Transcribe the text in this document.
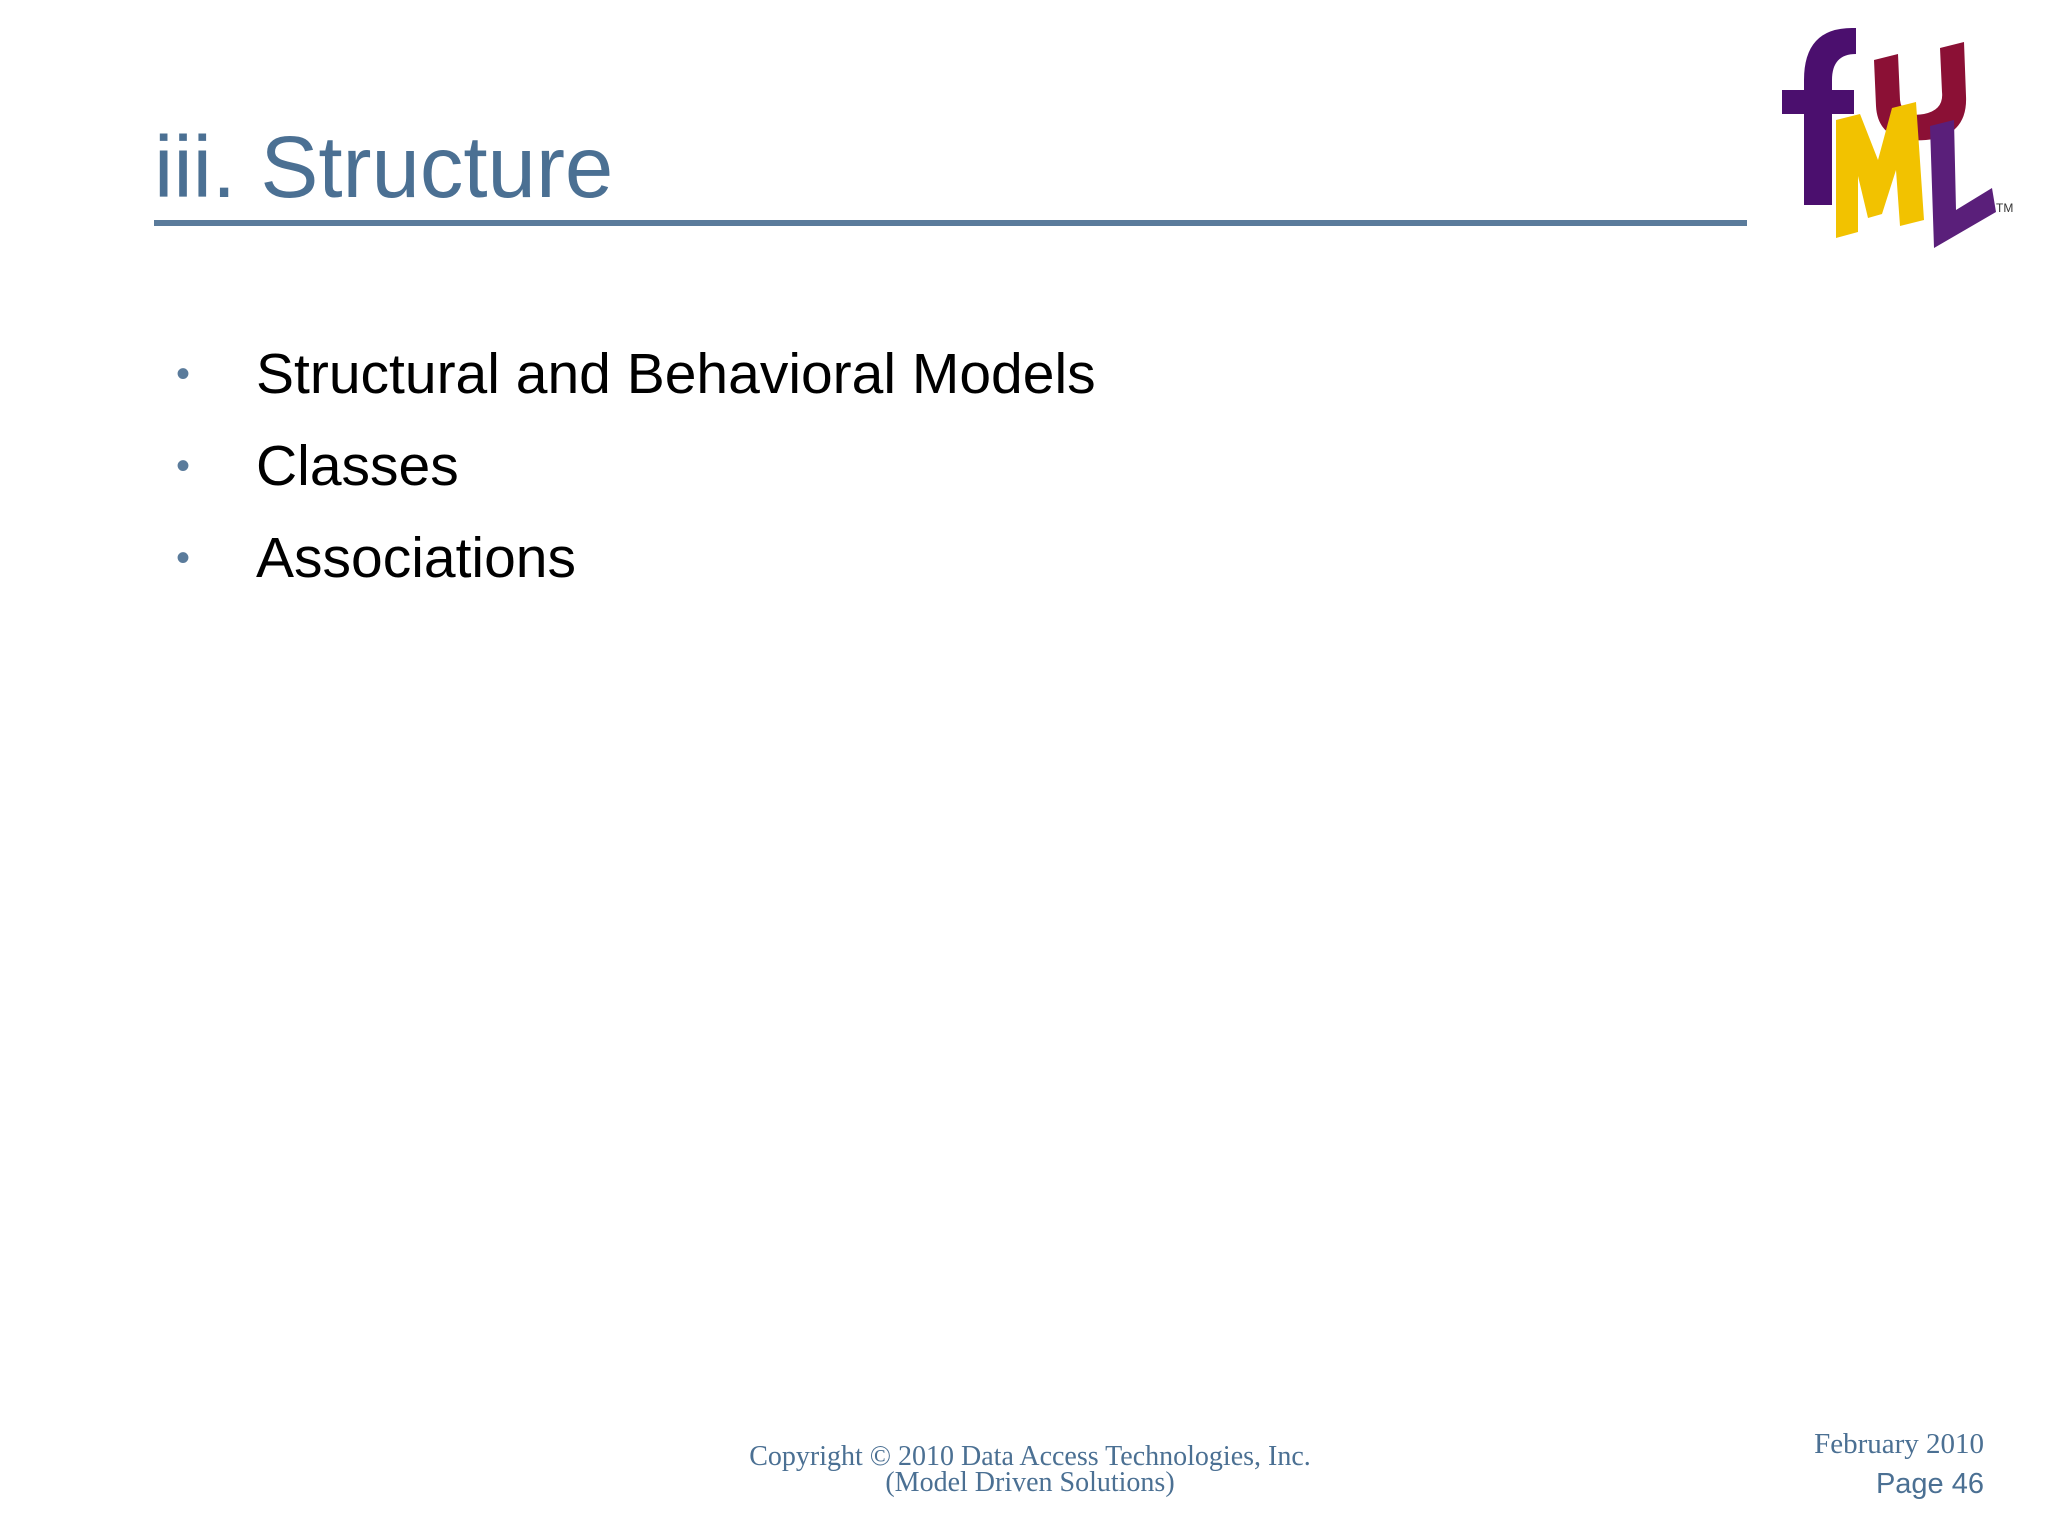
iii. Structure	TM
•	Structural and Behavioral Models
•	Classes
•	Associations
Copyright © 2010 Data Access Technologies, Inc.
(Model Driven Solutions)
February 2010
Page 46
